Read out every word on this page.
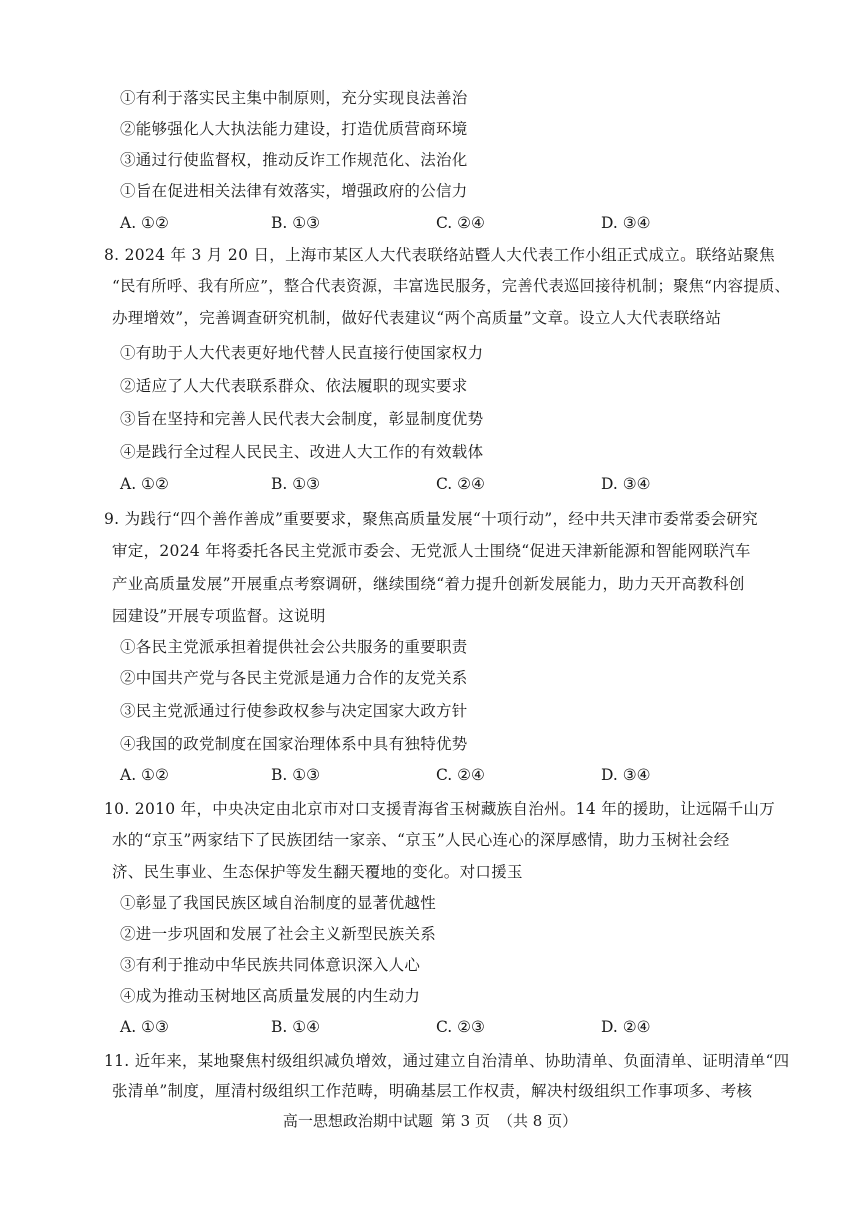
①有利于落实民主集中制原则，充分实现良法善治
②能够强化人大执法能力建设，打造优质营商环境
③通过行使监督权，推动反诈工作规范化、法治化
①旨在促进相关法律有效落实，增强政府的公信力
A. ①②	B. ①③	C. ②④	D. ③④
8. 2024 年 3 月 20 日，上海市某区人大代表联络站暨人大代表工作小组正式成立。联络站聚焦
“民有所呼、我有所应”，整合代表资源，丰富选民服务，完善代表巡回接待机制；聚焦“内容提质、
办理增效”，完善调查研究机制，做好代表建议“两个高质量”文章。设立人大代表联络站
①有助于人大代表更好地代替人民直接行使国家权力
②适应了人大代表联系群众、依法履职的现实要求
③旨在坚持和完善人民代表大会制度，彰显制度优势
④是践行全过程人民民主、改进人大工作的有效载体
A. ①②	B. ①③	C. ②④	D. ③④
9. 为践行“四个善作善成”重要要求，聚焦高质量发展“十项行动”，经中共天津市委常委会研究
审定，2024 年将委托各民主党派市委会、无党派人士围绕“促进天津新能源和智能网联汽车
产业高质量发展”开展重点考察调研，继续围绕“着力提升创新发展能力，助力天开高教科创
园建设”开展专项监督。这说明
①各民主党派承担着提供社会公共服务的重要职责
②中国共产党与各民主党派是通力合作的友党关系
③民主党派通过行使参政权参与决定国家大政方针
④我国的政党制度在国家治理体系中具有独特优势
A. ①②	B. ①③	C. ②④	D. ③④
10. 2010 年，中央决定由北京市对口支援青海省玉树藏族自治州。14 年的援助，让远隔千山万
水的“京玉”两家结下了民族团结一家亲、“京玉”人民心连心的深厚感情，助力玉树社会经
济、民生事业、生态保护等发生翻天覆地的变化。对口援玉
①彰显了我国民族区域自治制度的显著优越性
②进一步巩固和发展了社会主义新型民族关系
③有利于推动中华民族共同体意识深入人心
④成为推动玉树地区高质量发展的内生动力
A. ①③	B. ①④	C. ②③	D. ②④
11. 近年来，某地聚焦村级组织减负增效，通过建立自治清单、协助清单、负面清单、证明清单“四
张清单”制度，厘清村级组织工作范畴，明确基层工作权责，解决村级组织工作事项多、考核
高一思想政治期中试题 第 3 页 （共 8 页）
